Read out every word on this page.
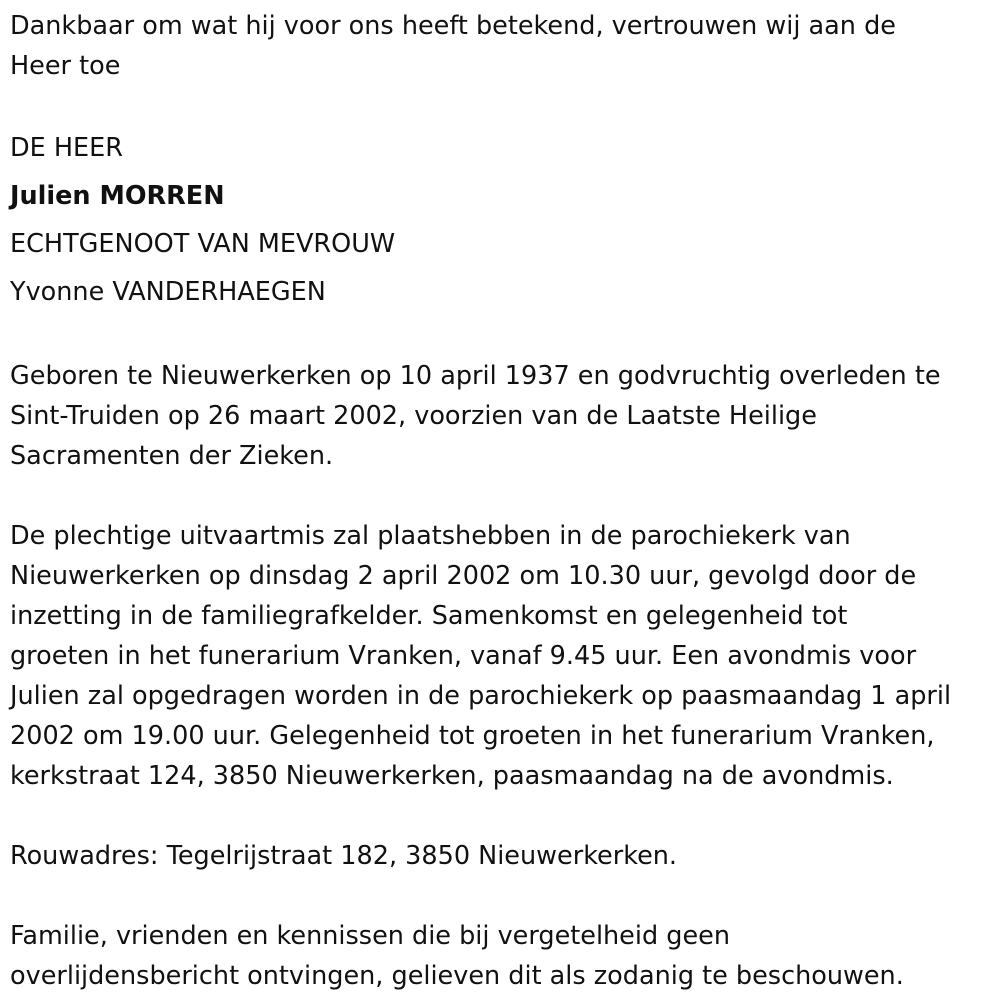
Dankbaar om wat hij voor ons heeft betekend, vertrouwen wij aan de

Heer toe

DE HEER

Julien MORREN

ECHTGENOOT VAN MEVROUW

Yvonne VANDERHAEGEN

Geboren te Nieuwerkerken op 10 april 1937 en godvruchtig overleden te

Sint-Truiden op 26 maart 2002, voorzien van de Laatste Heilige

Sacramenten der Zieken.

De plechtige uitvaartmis zal plaatshebben in de parochiekerk van

Nieuwerkerken op dinsdag 2 april 2002 om 10.30 uur, gevolgd door de

inzetting in de familiegrafkelder. Samenkomst en gelegenheid tot

groeten in het funerarium Vranken, vanaf 9.45 uur. Een avondmis voor

Julien zal opgedragen worden in de parochiekerk op paasmaandag 1 april

2002 om 19.00 uur. Gelegenheid tot groeten in het funerarium Vranken,

kerkstraat 124, 3850 Nieuwerkerken, paasmaandag na de avondmis.

Rouwadres: Tegelrijstraat 182, 3850 Nieuwerkerken.

Familie, vrienden en kennissen die bij vergetelheid geen

overlijdensbericht ontvingen, gelieven dit als zodanig te beschouwen.
